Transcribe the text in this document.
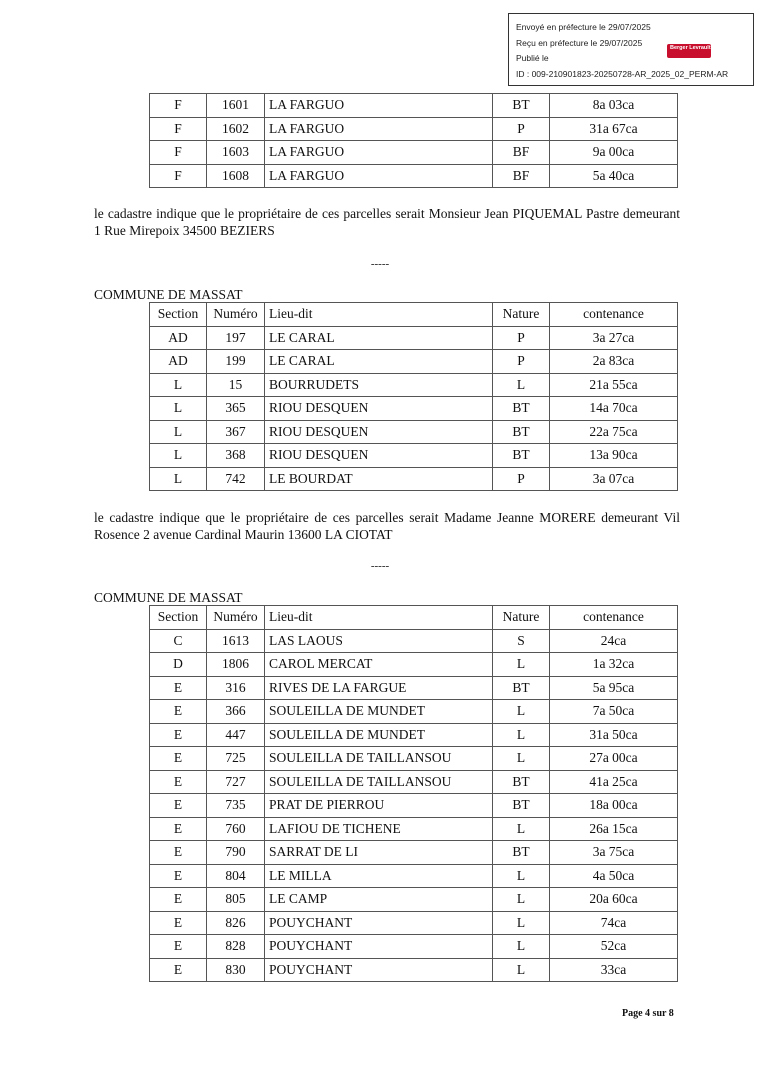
Envoyé en préfecture le 29/07/2025
Reçu en préfecture le 29/07/2025
Publié le
ID : 009-210901823-20250728-AR_2025_02_PERM-AR
Berger Levrault
F	1601	LA FARGUO	BT	8a 03ca
F	1602	LA FARGUO	P	31a 67ca
F	1603	LA FARGUO	BF	9a 00ca
F	1608	LA FARGUO	BF	5a 40ca
le cadastre indique que le propriétaire de ces parcelles serait Monsieur Jean PIQUEMAL Pastre demeurant 1 Rue Mirepoix 34500 BEZIERS
-----
COMMUNE DE MASSAT
Section	Numéro	Lieu-dit	Nature	contenance
AD	197	LE CARAL	P	3a 27ca
AD	199	LE CARAL	P	2a 83ca
L	15	BOURRUDETS	L	21a 55ca
L	365	RIOU DESQUEN	BT	14a 70ca
L	367	RIOU DESQUEN	BT	22a 75ca
L	368	RIOU DESQUEN	BT	13a 90ca
L	742	LE BOURDAT	P	3a 07ca
le cadastre indique que le propriétaire de ces parcelles serait Madame Jeanne MORERE demeurant Vil Rosence 2 avenue Cardinal Maurin 13600 LA CIOTAT
-----
COMMUNE DE MASSAT
Section	Numéro	Lieu-dit	Nature	contenance
C	1613	LAS LAOUS	S	24ca
D	1806	CAROL MERCAT	L	1a 32ca
E	316	RIVES DE LA FARGUE	BT	5a 95ca
E	366	SOULEILLA DE MUNDET	L	7a 50ca
E	447	SOULEILLA DE MUNDET	L	31a 50ca
E	725	SOULEILLA DE TAILLANSOU	L	27a 00ca
E	727	SOULEILLA DE TAILLANSOU	BT	41a 25ca
E	735	PRAT DE PIERROU	BT	18a 00ca
E	760	LAFIOU DE TICHENE	L	26a 15ca
E	790	SARRAT DE LI	BT	3a 75ca
E	804	LE MILLA	L	4a 50ca
E	805	LE CAMP	L	20a 60ca
E	826	POUYCHANT	L	74ca
E	828	POUYCHANT	L	52ca
E	830	POUYCHANT	L	33ca
Page 4 sur 8
